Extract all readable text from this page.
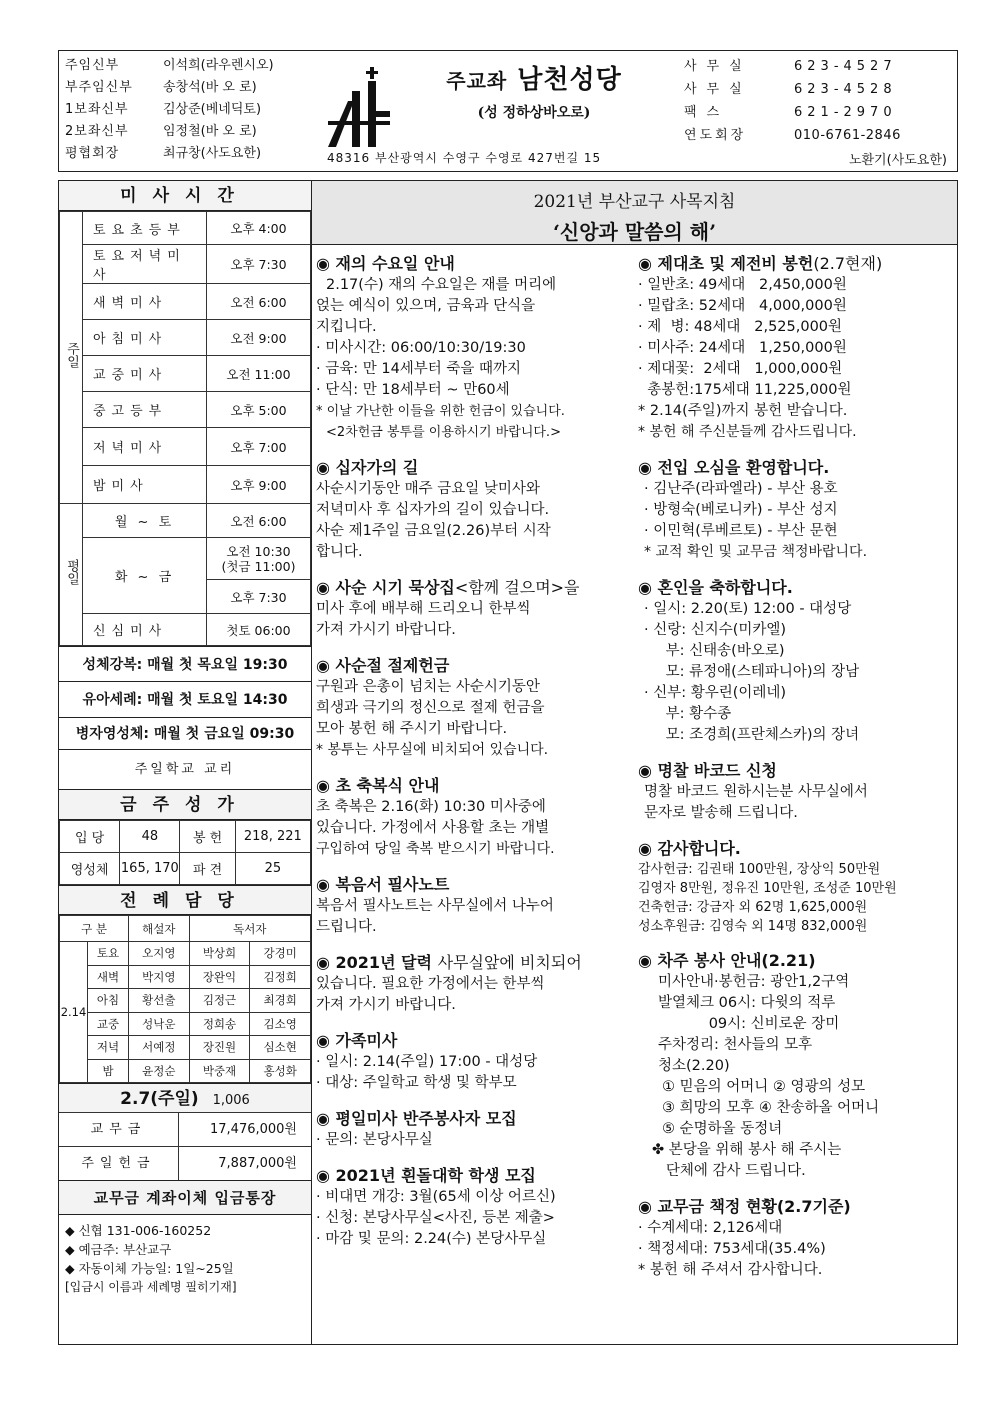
주임신부	이석희(라우렌시오)
부주임신부	송창석(바 오 로)
1보좌신부	김상준(베네딕토)
2보좌신부	임정철(바 오 로)
평협회장	최규창(사도요한)
주교좌 남천성당
(성 정하상바오로)
사무실	623-4527
사무실	623-4528
팩스	621-2970
연도회장	010-6761-2846
48316 부산광역시 수영구 수영로 427번길 15	노환기(사도요한)
미사시간
주일	토요초등부	오후 4:00
	토요저녁미사	오후 7:30
	새벽미사	오전 6:00
	아침미사	오전 9:00
	교중미사	오전 11:00
	중고등부	오후 5:00
	저녁미사	오후 7:00
	밤미사	오후 9:00
평일	월 ~ 토	오전 6:00
	화 ~ 금	오전 10:30
(첫금 11:00)

		오후 7:30
	신심미사	첫토 06:00
성체강복: 매월 첫 목요일 19:30
유아세례: 매월 첫 토요일 14:30
병자영성체: 매월 첫 금요일 09:30
주일학교 교리
금주성가
입 당	48	봉 헌	218, 221
영성체	165, 170	파 견	25
전례담당
구 분		해설자	독서자	
2.14	토요	오지영	박상희	강경미
	새벽	박지영	장완익	김정희
	아침	황선출	김정근	최경희
	교중	성낙운	정희송	김소영
	저녁	서예정	장진원	심소현
	밤	윤정순	박중재	홍성화
2.7(주일) 1,006
교무금	17,476,000원
주일헌금	7,887,000원
교무금 계좌이체 입금통장
◆ 신협 131-006-160252
◆ 예금주: 부산교구
◆ 자동이체 가능일: 1일~25일
[입금시 이름과 세례명 필히기재]
2021년 부산교구 사목지침
‘신앙과 말씀의 해’
◉ 재의 수요일 안내
2.17(수) 재의 수요일은 재를 머리에
얹는 예식이 있으며, 금육과 단식을
지킵니다.
· 미사시간: 06:00/10:30/19:30
· 금육: 만 14세부터 죽을 때까지
· 단식: 만 18세부터 ~ 만60세
* 이날 가난한 이들을 위한 헌금이 있습니다.
<2차헌금 봉투를 이용하시기 바랍니다.>
◉ 십자가의 길
사순시기동안 매주 금요일 낮미사와
저녁미사 후 십자가의 길이 있습니다.
사순 제1주일 금요일(2.26)부터 시작
합니다.
◉ 사순 시기 묵상집<함께 걸으며>을
미사 후에 배부해 드리오니 한부씩
가져 가시기 바랍니다.
◉ 사순절 절제헌금
구원과 은총이 넘치는 사순시기동안
희생과 극기의 정신으로 절제 헌금을
모아 봉헌 해 주시기 바랍니다.
* 봉투는 사무실에 비치되어 있습니다.
◉ 초 축복식 안내
초 축복은 2.16(화) 10:30 미사중에
있습니다. 가정에서 사용할 초는 개별
구입하여 당일 축복 받으시기 바랍니다.
◉ 복음서 필사노트
복음서 필사노트는 사무실에서 나누어
드립니다.
◉ 2021년 달력 사무실앞에 비치되어
있습니다. 필요한 가정에서는 한부씩
가져 가시기 바랍니다.
◉ 가족미사
· 일시: 2.14(주일) 17:00 - 대성당
· 대상: 주일학교 학생 및 학부모
◉ 평일미사 반주봉사자 모집
· 문의: 본당사무실
◉ 2021년 흰돌대학 학생 모집
· 비대면 개강: 3월(65세 이상 어르신)
· 신청: 본당사무실<사진, 등본 제출>
· 마감 및 문의: 2.24(수) 본당사무실
◉ 제대초 및 제전비 봉헌(2.7현재)
· 일반초: 49세대   2,450,000원
· 밀랍초: 52세대   4,000,000원
· 제  병: 48세대   2,525,000원
· 미사주: 24세대   1,250,000원
· 제대꽃:  2세대   1,000,000원
총봉헌:175세대 11,225,000원
* 2.14(주일)까지 봉헌 받습니다.
* 봉헌 해 주신분들께 감사드립니다.
◉ 전입 오심을 환영합니다.
· 김난주(라파엘라) - 부산 용호
· 방형숙(베로니카) - 부산 성지
· 이민혁(루베르토) - 부산 문현
* 교적 확인 및 교무금 책정바랍니다.
◉ 혼인을 축하합니다.
· 일시: 2.20(토) 12:00 - 대성당
· 신랑: 신지수(미카엘)
부: 신태송(바오로)
모: 류정애(스테파니아)의 장남
· 신부: 황우린(이레네)
부: 황수종
모: 조경희(프란체스카)의 장녀
◉ 명찰 바코드 신청
명찰 바코드 원하시는분 사무실에서
문자로 발송해 드립니다.
◉ 감사합니다.
감사헌금: 김권태 100만원, 장상익 50만원
김영자 8만원, 정유진 10만원, 조성준 10만원
건축헌금: 강금자 외 62명 1,625,000원
성소후원금: 김영숙 외 14명 832,000원
◉ 차주 봉사 안내(2.21)
미사안내·봉헌금: 광안1,2구역
발열체크 06시: 다윗의 적루
09시: 신비로운 장미
주차정리: 천사들의 모후
청소(2.20)
① 믿음의 어머니 ② 영광의 성모
③ 희망의 모후 ④ 찬송하올 어머니
⑤ 순명하올 동정녀
✤ 본당을 위해 봉사 해 주시는
단체에 감사 드립니다.
◉ 교무금 책정 현황(2.7기준)
· 수계세대: 2,126세대
· 책정세대: 753세대(35.4%)
* 봉헌 해 주셔서 감사합니다.
